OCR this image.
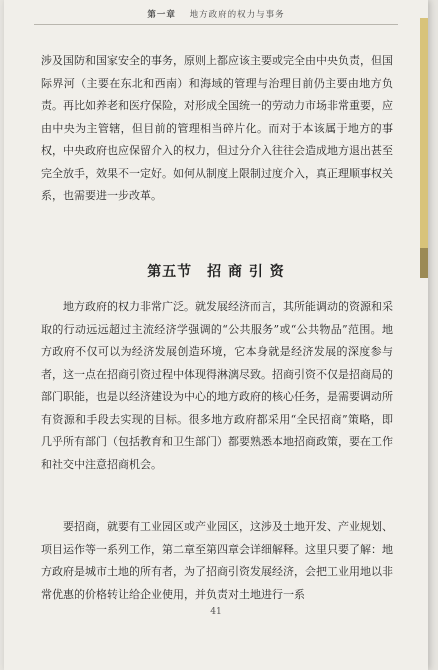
第一章 地方政府的权力与事务

涉及国防和国家安全的事务，原则上都应该主要或完全由中央负责，但国际界河（主要在东北和西南）和海域的管理与治理目前仍主要由地方负责。再比如养老和医疗保险，对形成全国统一的劳动力市场非常重要，应由中央为主管辖，但目前的管理相当碎片化。而对于本该属于地方的事权，中央政府也应保留介入的权力，但过分介入往往会造成地方退出甚至完全放手，效果不一定好。如何从制度上限制过度介入，真正理顺事权关系，也需要进一步改革。

第五节　招 商 引 资

地方政府的权力非常广泛。就发展经济而言，其所能调动的资源和采取的行动远远超过主流经济学强调的“公共服务”或“公共物品”范围。地方政府不仅可以为经济发展创造环境，它本身就是经济发展的深度参与者，这一点在招商引资过程中体现得淋漓尽致。招商引资不仅是招商局的部门职能，也是以经济建设为中心的地方政府的核心任务，是需要调动所有资源和手段去实现的目标。很多地方政府都采用“全民招商”策略，即几乎所有部门（包括教育和卫生部门）都要熟悉本地招商政策，要在工作和社交中注意招商机会。

要招商，就要有工业园区或产业园区，这涉及土地开发、产业规划、项目运作等一系列工作，第二章至第四章会详细解释。这里只要了解：地方政府是城市土地的所有者，为了招商引资发展经济，会把工业用地以非常优惠的价格转让给企业使用，并负责对土地进行一系

41
